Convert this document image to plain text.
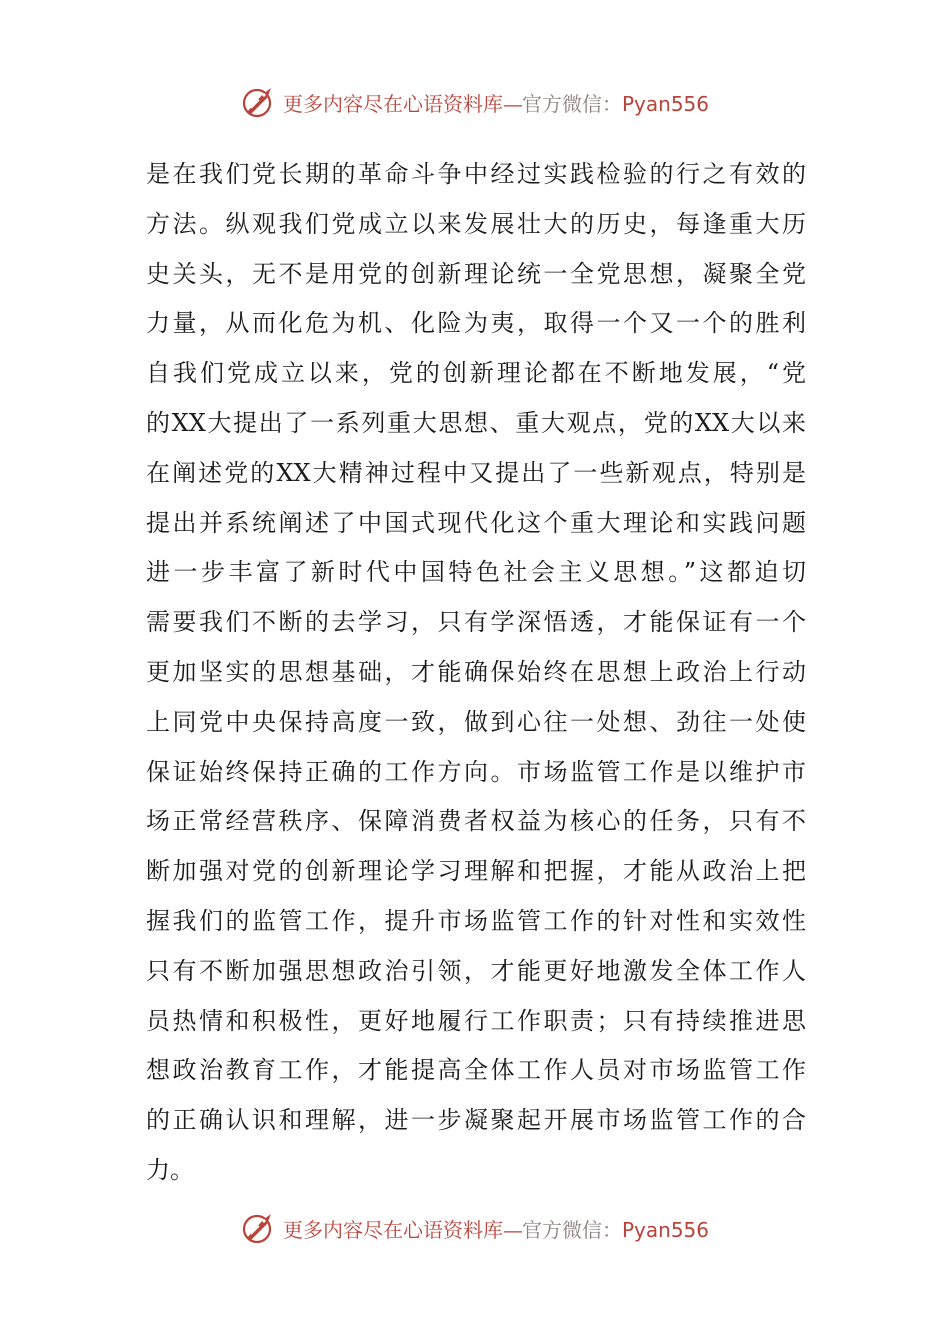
更多内容尽在心语资料库—官方微信：Pyan556
是在我们党长期的革命斗争中经过实践检验的行之有效的
方法。纵观我们党成立以来发展壮大的历史，每逢重大历
史关头，无不是用党的创新理论统一全党思想，凝聚全党
力量，从而化危为机、化险为夷，取得一个又一个的胜利
自我们党成立以来，党的创新理论都在不断地发展，“党
的XX大提出了一系列重大思想、重大观点，党的XX大以来
在阐述党的XX大精神过程中又提出了一些新观点，特别是
提出并系统阐述了中国式现代化这个重大理论和实践问题
进一步丰富了新时代中国特色社会主义思想。”这都迫切
需要我们不断的去学习，只有学深悟透，才能保证有一个
更加坚实的思想基础，才能确保始终在思想上政治上行动
上同党中央保持高度一致，做到心往一处想、劲往一处使
保证始终保持正确的工作方向。市场监管工作是以维护市
场正常经营秩序、保障消费者权益为核心的任务，只有不
断加强对党的创新理论学习理解和把握，才能从政治上把
握我们的监管工作，提升市场监管工作的针对性和实效性
只有不断加强思想政治引领，才能更好地激发全体工作人
员热情和积极性，更好地履行工作职责；只有持续推进思
想政治教育工作，才能提高全体工作人员对市场监管工作
的正确认识和理解，进一步凝聚起开展市场监管工作的合
力。
更多内容尽在心语资料库—官方微信：Pyan556
